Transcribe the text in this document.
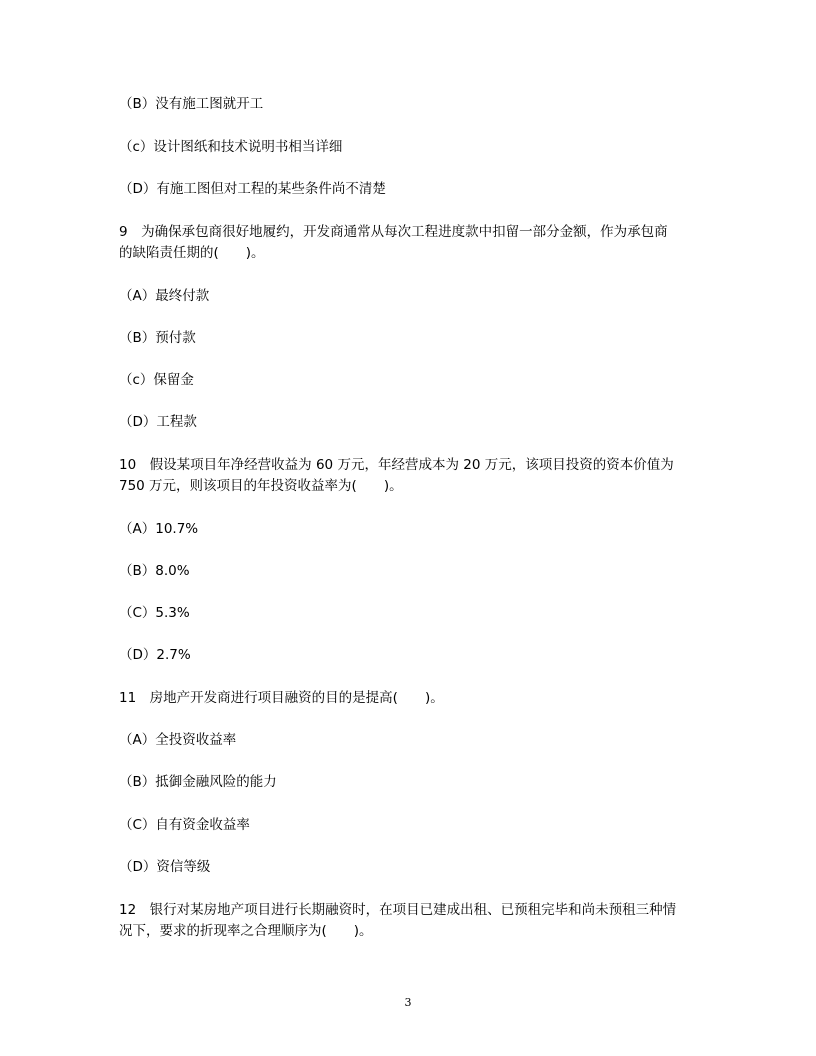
（B）没有施工图就开工
（c）设计图纸和技术说明书相当详细
（D）有施工图但对工程的某些条件尚不清楚
9　为确保承包商很好地履约，开发商通常从每次工程进度款中扣留一部分金额，作为承包商
的缺陷责任期的(　　)。
（A）最终付款
（B）预付款
（c）保留金
（D）工程款
10　假设某项目年净经营收益为 60 万元，年经营成本为 20 万元，该项目投资的资本价值为
750 万元，则该项目的年投资收益率为(　　)。
（A）10.7%
（B）8.0%
（C）5.3%
（D）2.7%
11　房地产开发商进行项目融资的目的是提高(　　)。
（A）全投资收益率
（B）抵御金融风险的能力
（C）自有资金收益率
（D）资信等级
12　银行对某房地产项目进行长期融资时，在项目已建成出租、已预租完毕和尚未预租三种情
况下，要求的折现率之合理顺序为(　　)。
3
